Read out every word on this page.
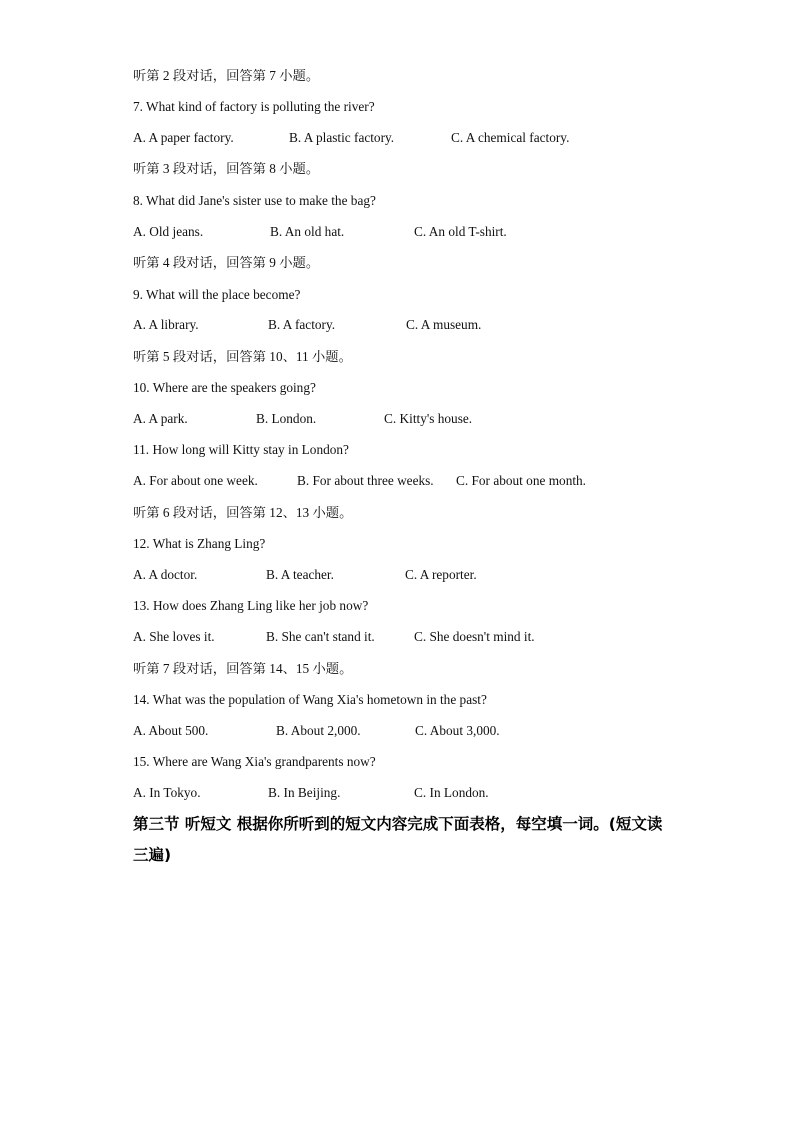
听第 2 段对话，回答第 7 小题。
7. What kind of factory is polluting the river?
A. A paper factory.	B. A plastic factory.	C. A chemical factory.
听第 3 段对话，回答第 8 小题。
8. What did Jane's sister use to make the bag?
A. Old jeans.	B. An old hat.	C. An old T-shirt.
听第 4 段对话，回答第 9 小题。
9. What will the place become?
A. A library.	B. A factory.	C. A museum.
听第 5 段对话，回答第 10、11 小题。
10. Where are the speakers going?
A. A park.	B. London.	C. Kitty's house.
11. How long will Kitty stay in London?
A. For about one week.	B. For about three weeks. C. For about one month.
听第 6 段对话，回答第 12、13 小题。
12. What is Zhang Ling?
A. A doctor.	B. A teacher.	C. A reporter.
13. How does Zhang Ling like her job now?
A. She loves it.	B. She can't stand it.	C. She doesn't mind it.
听第 7 段对话，回答第 14、15 小题。
14. What was the population of Wang Xia's hometown in the past?
A. About 500.	B. About 2,000.	C. About 3,000.
15. Where are Wang Xia's grandparents now?
A. In Tokyo.	B. In Beijing.	C. In London.
第三节 听短文 根据你所听到的短文内容完成下面表格，每空填一词。(短文读三遍)
